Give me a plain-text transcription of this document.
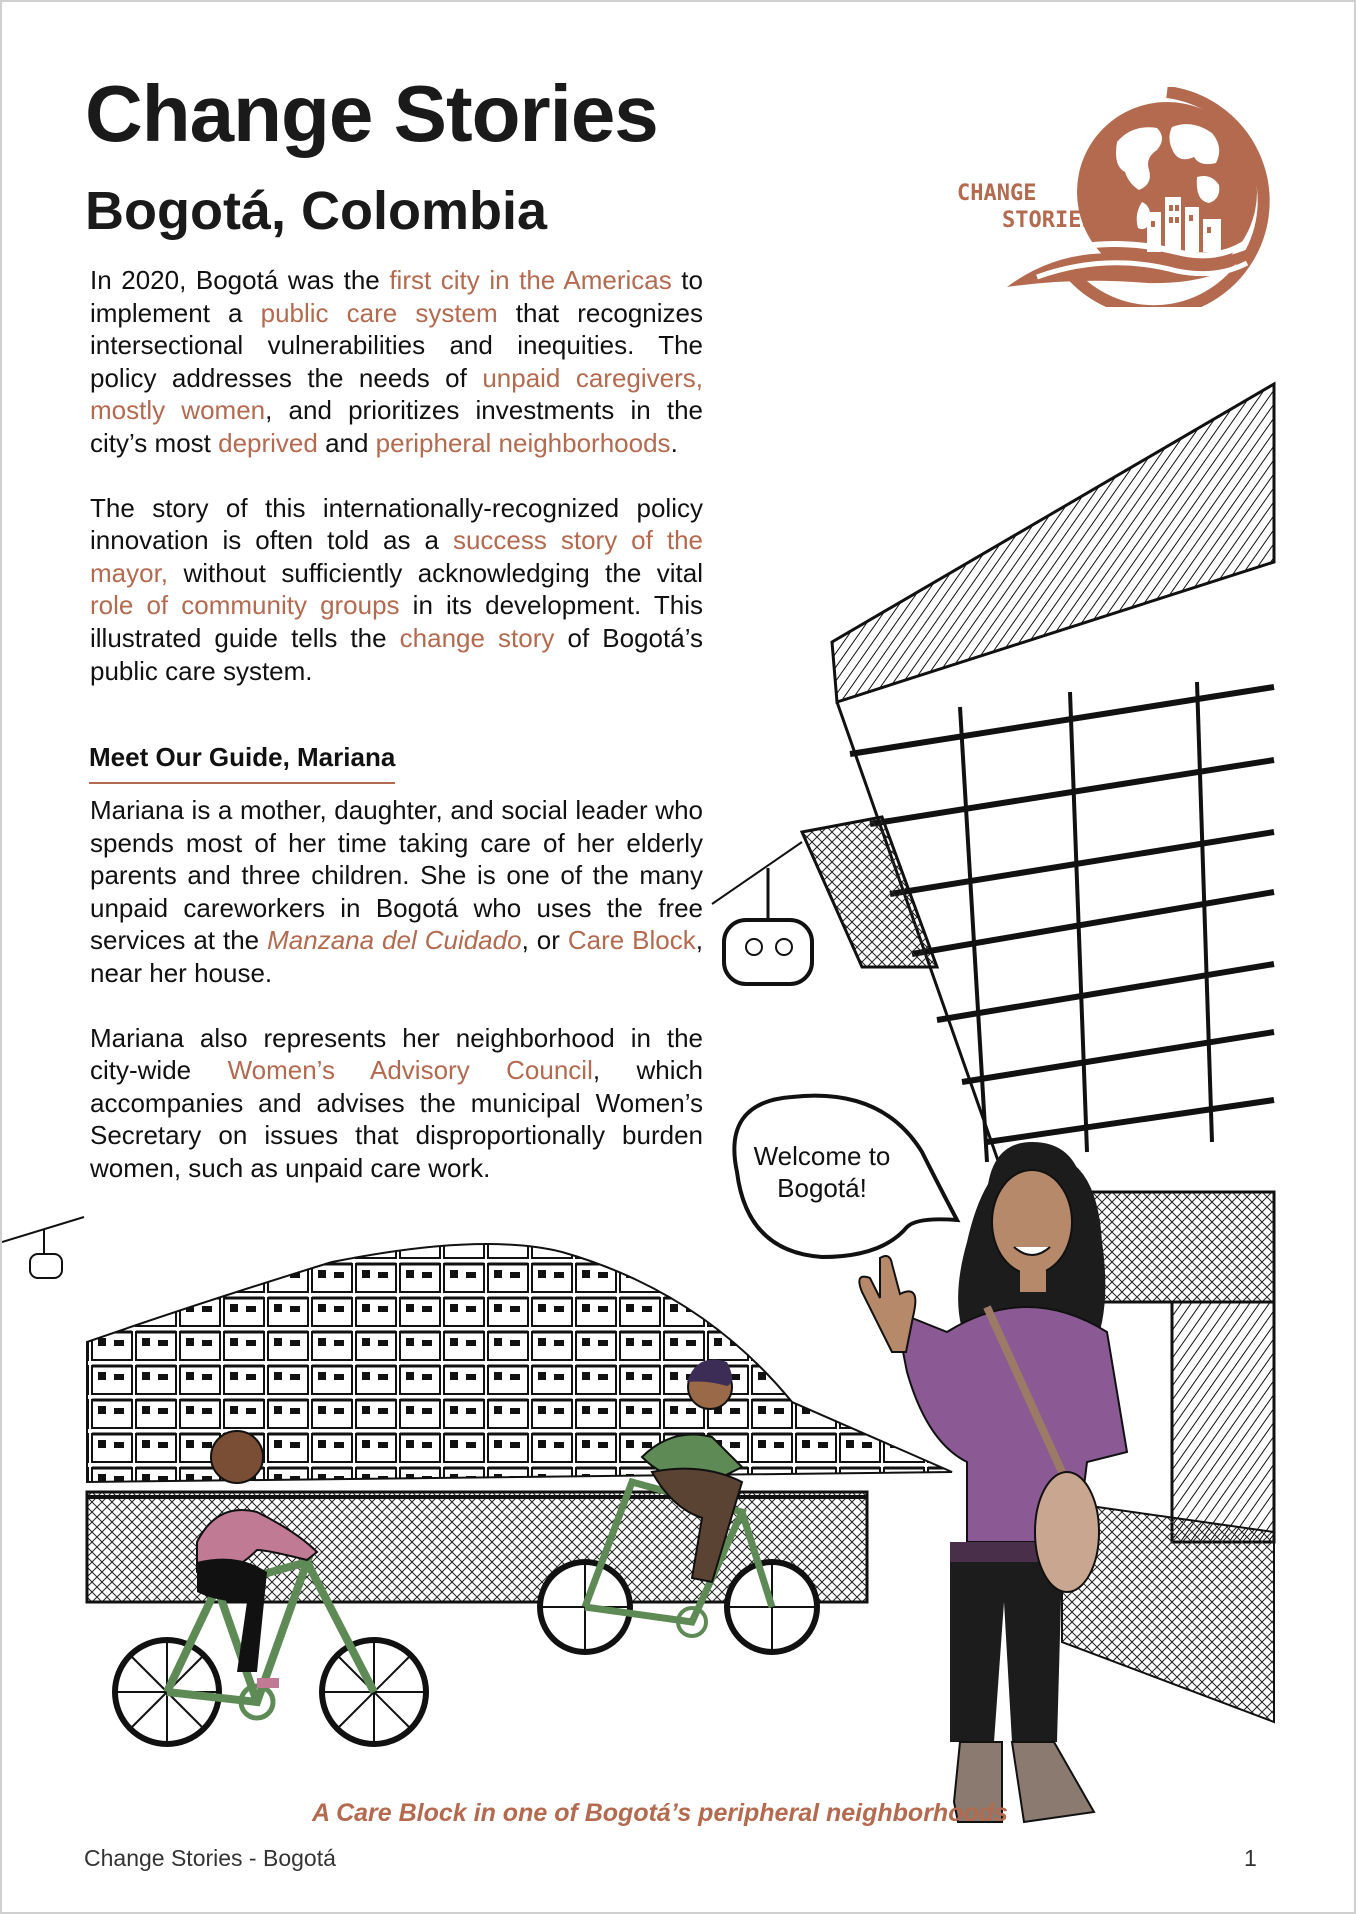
Change Stories
Bogotá, Colombia	CHANGE
STORIES

In 2020, Bogotá was the first city in the Americas to implement a public care system that recognizes intersectional vulnerabilities and inequities. The policy addresses the needs of unpaid caregivers, mostly women, and prioritizes investments in the city’s most deprived and peripheral neighborhoods.

The story of this internationally-recognized policy innovation is often told as a success story of the mayor, without sufficiently acknowledging the vital role of community groups in its development. This illustrated guide tells the change story of Bogotá’s public care system.

Meet Our Guide, Mariana

Mariana is a mother, daughter, and social leader who spends most of her time taking care of her elderly parents and three children. She is one of the many unpaid careworkers in Bogotá who uses the free services at the Manzana del Cuidado, or Care Block, near her house.

Mariana also represents her neighborhood in the city-wide Women’s Advisory Council, which accompanies and advises the municipal Women’s Secretary on issues that disproportionally burden women, such as unpaid care work.	Welcome to
Bogotá!
A Care Block in one of Bogotá’s peripheral neighborhoods
Change Stories - Bogotá	1
